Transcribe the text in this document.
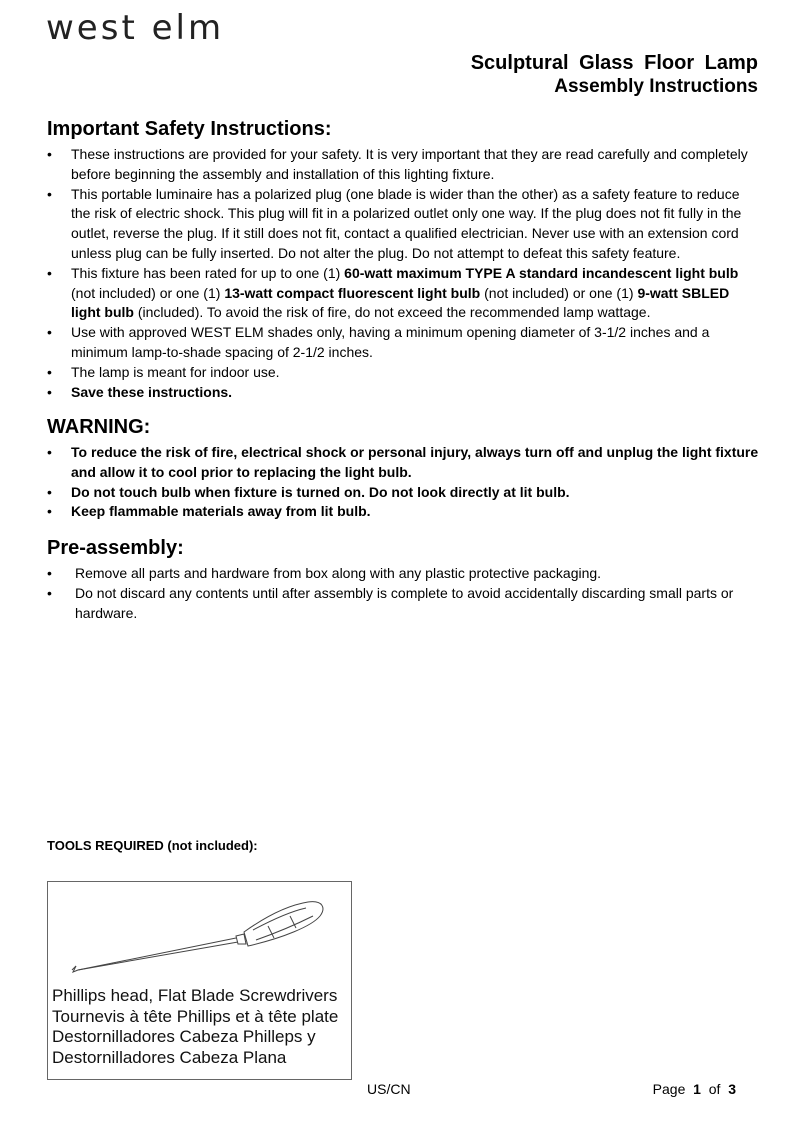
west elm
Sculptural Glass Floor Lamp
Assembly Instructions
Important Safety Instructions:
• These instructions are provided for your safety. It is very important that they are read carefully and completely before beginning the assembly and installation of this lighting fixture.
• This portable luminaire has a polarized plug (one blade is wider than the other) as a safety feature to reduce the risk of electric shock. This plug will fit in a polarized outlet only one way. If the plug does not fit fully in the outlet, reverse the plug. If it still does not fit, contact a qualified electrician. Never use with an extension cord unless plug can be fully inserted. Do not alter the plug. Do not attempt to defeat this safety feature.
• This fixture has been rated for up to one (1) 60-watt maximum TYPE A standard incandescent light bulb (not included) or one (1) 13-watt compact fluorescent light bulb (not included) or one (1) 9-watt SBLED light bulb (included). To avoid the risk of fire, do not exceed the recommended lamp wattage.
• Use with approved WEST ELM shades only, having a minimum opening diameter of 3-1/2 inches and a minimum lamp-to-shade spacing of 2-1/2 inches.
• The lamp is meant for indoor use.
• Save these instructions.
WARNING:
• To reduce the risk of fire, electrical shock or personal injury, always turn off and unplug the light fixture and allow it to cool prior to replacing the light bulb.
• Do not touch bulb when fixture is turned on. Do not look directly at lit bulb.
• Keep flammable materials away from lit bulb.
Pre-assembly:
• Remove all parts and hardware from box along with any plastic protective packaging.
• Do not discard any contents until after assembly is complete to avoid accidentally discarding small parts or hardware.
TOOLS REQUIRED (not included):
Phillips head, Flat Blade Screwdrivers
Tournevis à tête Phillips et à tête plate
Destornilladores Cabeza Philleps y
Destornilladores Cabeza Plana
US/CN	Page 1 of 3
